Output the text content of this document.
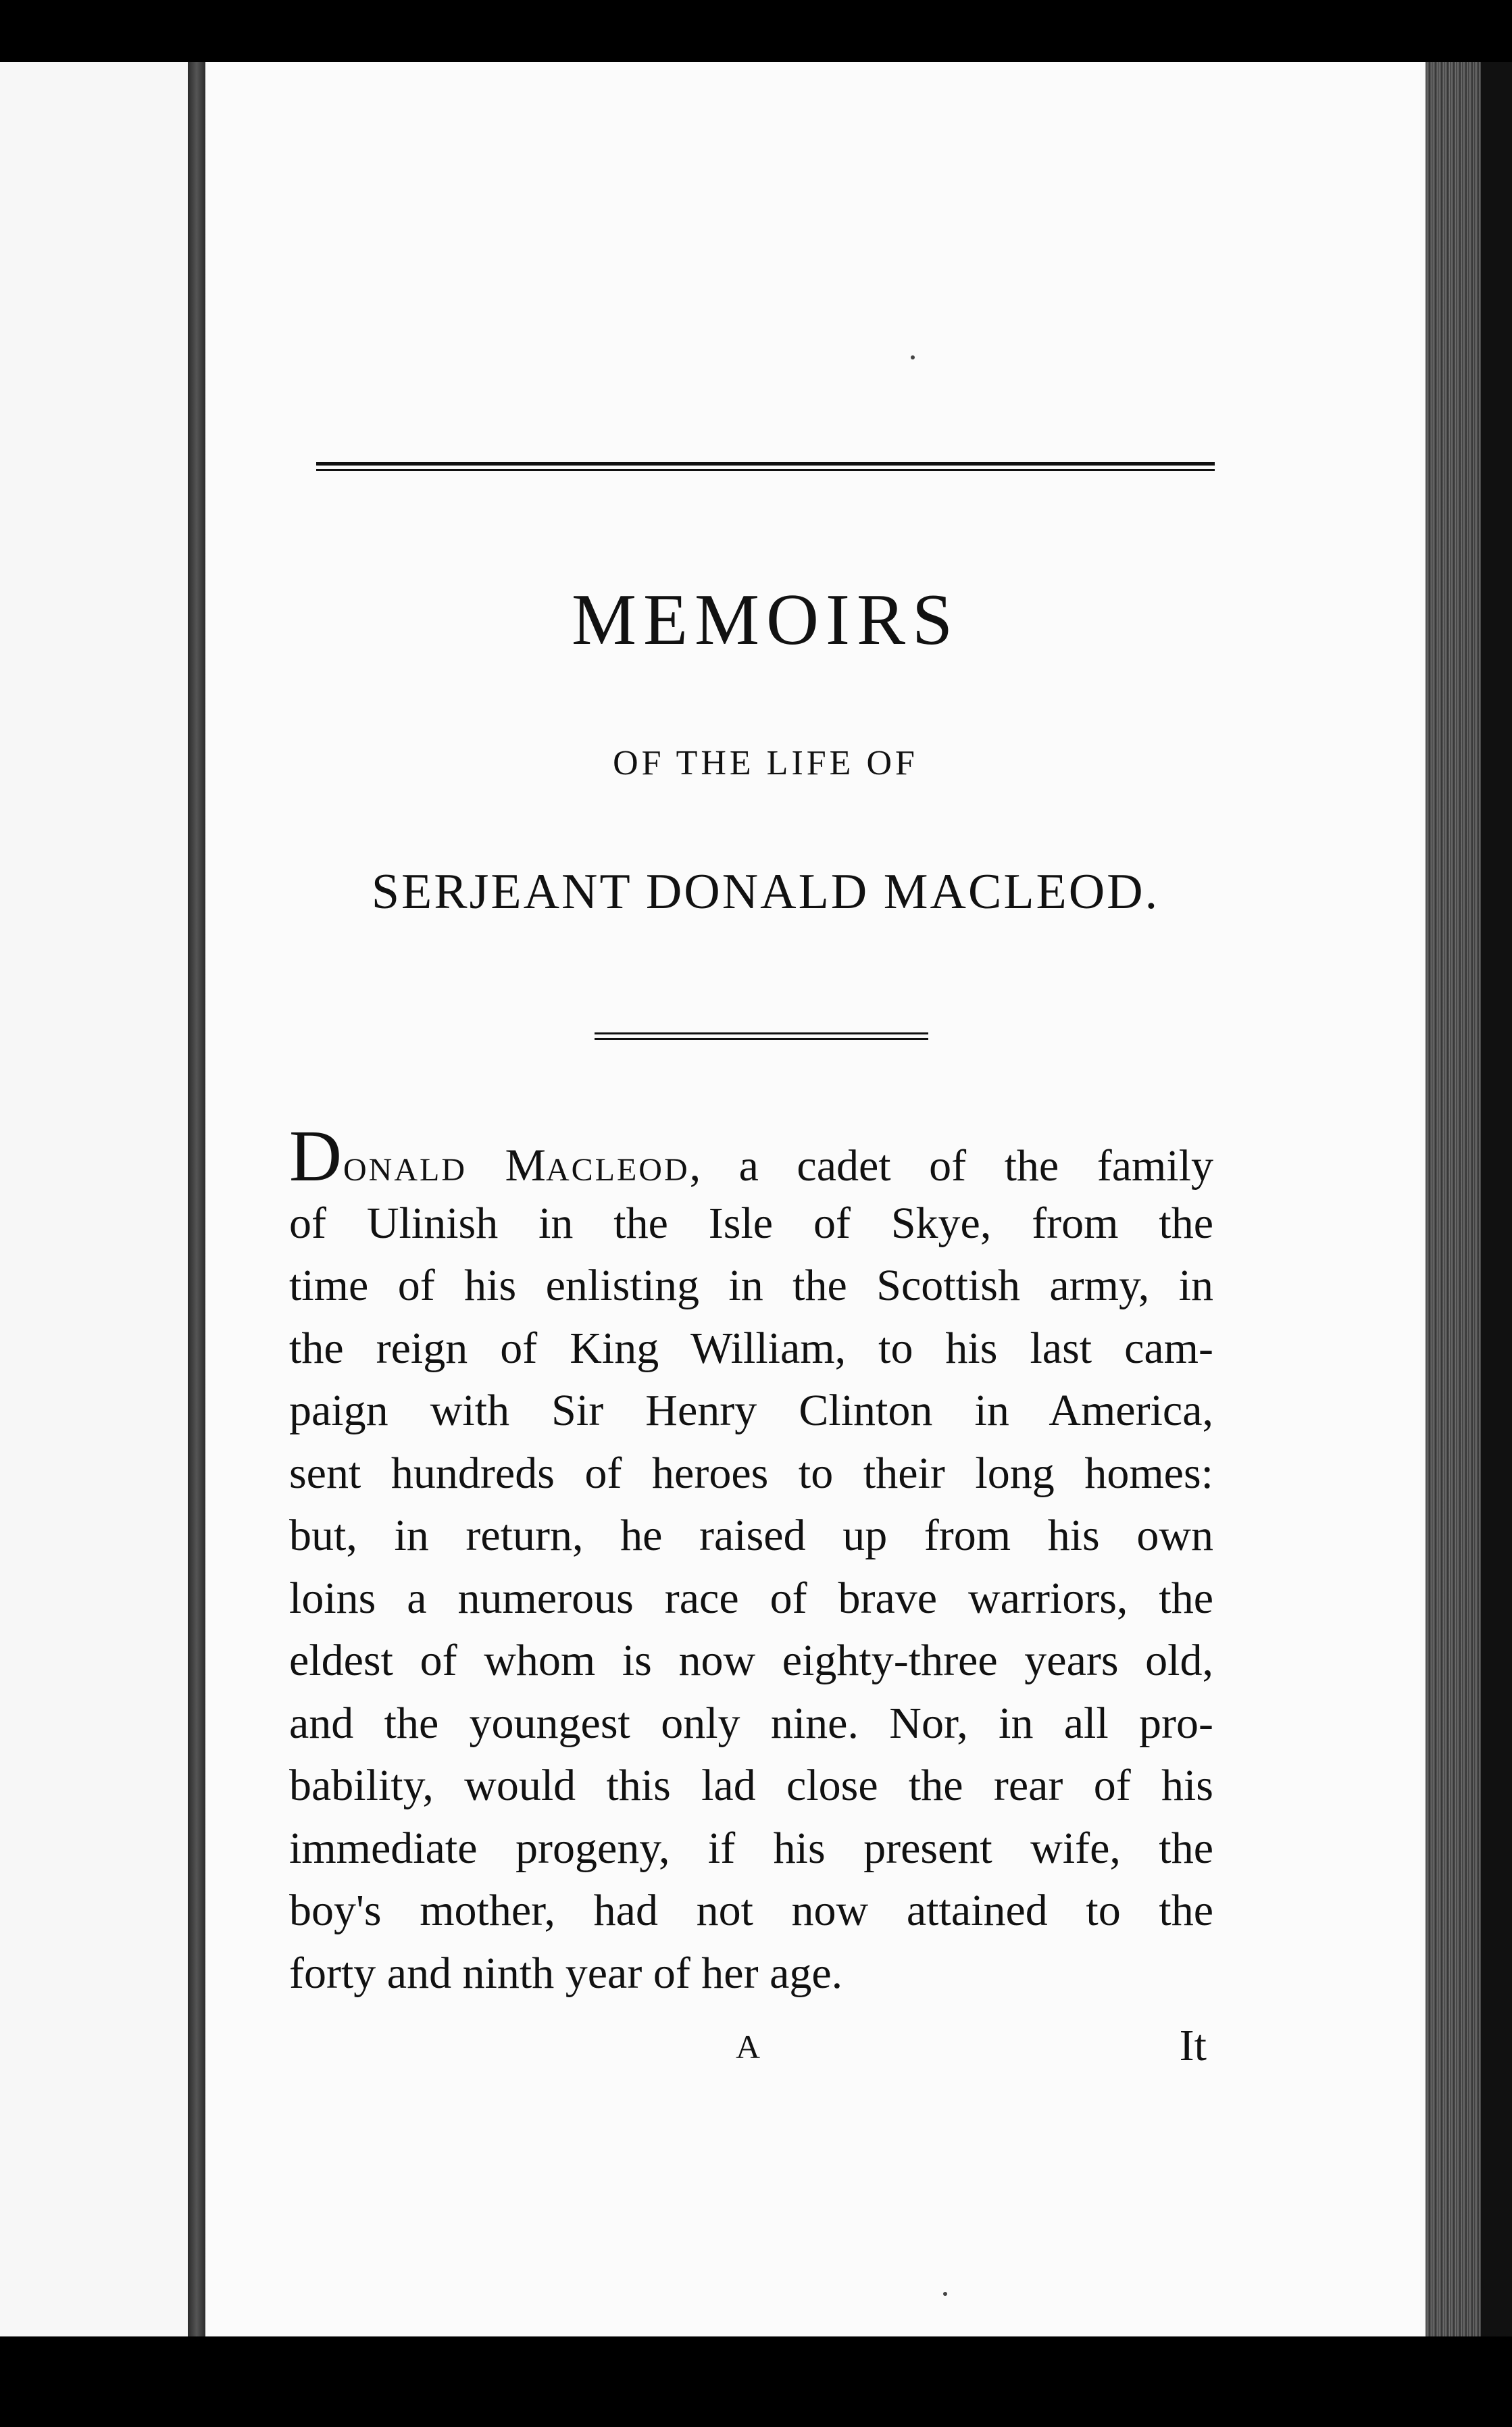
MEMOIRS
OF THE LIFE OF
SERJEANT DONALD MACLEOD.
DONALD MACLEOD, a cadet of the family
of Ulinish in the Isle of Skye, from the
time of his enlisting in the Scottish army, in
the reign of King William, to his last cam-
paign with Sir Henry Clinton in America,
sent hundreds of heroes to their long homes:
but, in return, he raised up from his own
loins a numerous race of brave warriors, the
eldest of whom is now eighty-three years old,
and the youngest only nine. Nor, in all pro-
bability, would this lad close the rear of his
immediate progeny, if his present wife, the
boy's mother, had not now attained to the
forty and ninth year of her age.
A	It
